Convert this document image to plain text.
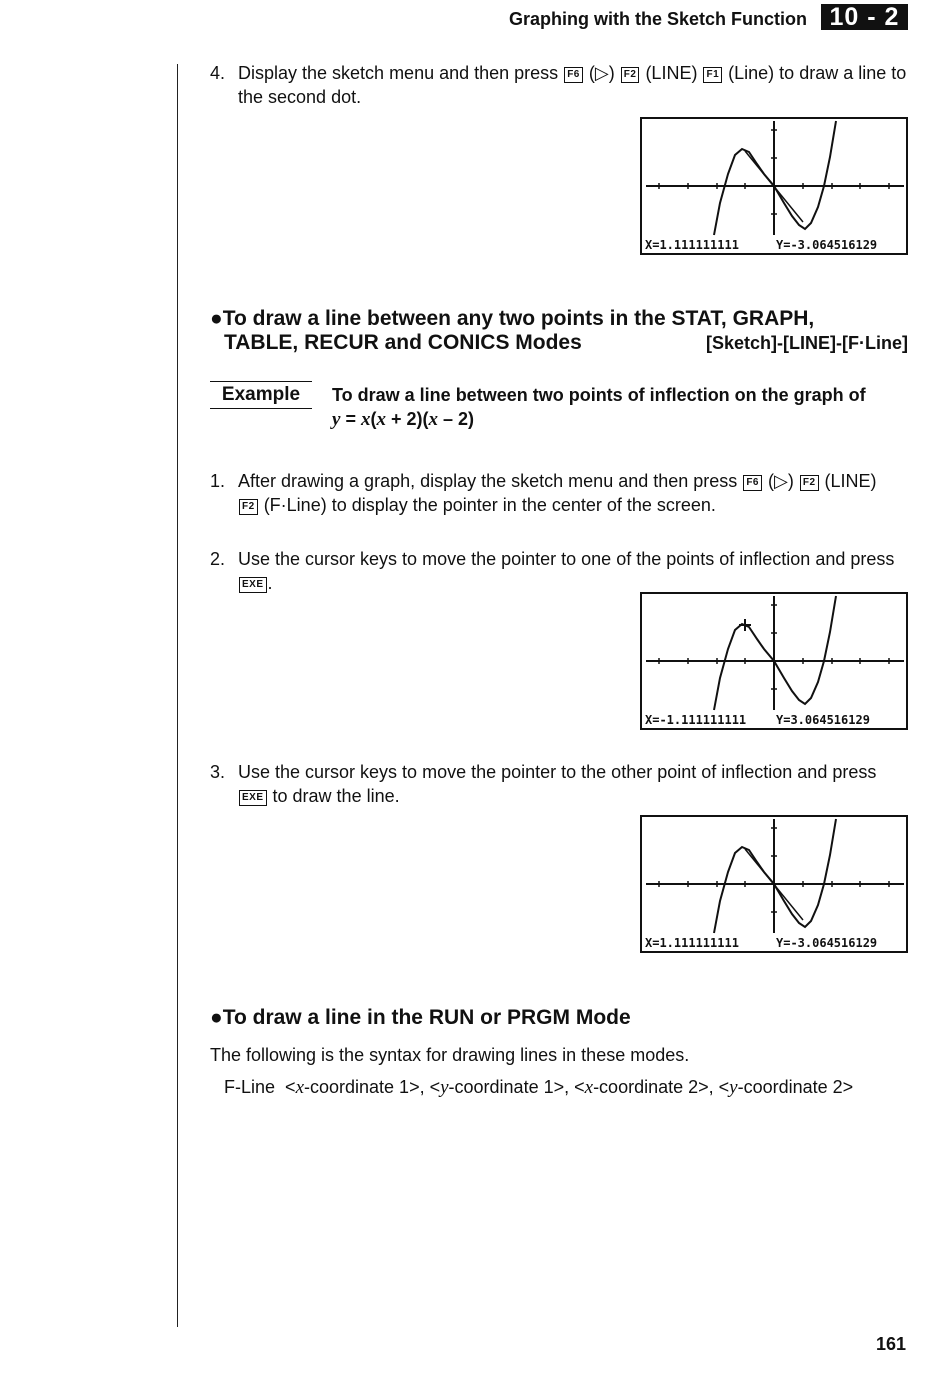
Graphing with the Sketch Function 10 - 2
4. Display the sketch menu and then press F6 (▷) F2 (LINE) F1 (Line) to draw a line to the second dot.
X=1.111111111	Y=-3.064516129
●To draw a line between any two points in the STAT, GRAPH,
TABLE, RECUR and CONICS Modes	[Sketch]-[LINE]-[F·Line]
Example	To draw a line between two points of inflection on the graph of
y = x(x + 2)(x – 2)
1. After drawing a graph, display the sketch menu and then press F6 (▷) F2 (LINE) F2 (F·Line) to display the pointer in the center of the screen.
2. Use the cursor keys to move the pointer to one of the points of inflection and press EXE .
X=-1.111111111 Y=3.064516129
3. Use the cursor keys to move the pointer to the other point of inflection and press EXE to draw the line.
X=1.111111111	Y=-3.064516129
●To draw a line in the RUN or PRGM Mode
The following is the syntax for drawing lines in these modes.
F-Line <x-coordinate 1>, <y-coordinate 1>, <x-coordinate 2>, <y-coordinate 2>
161
